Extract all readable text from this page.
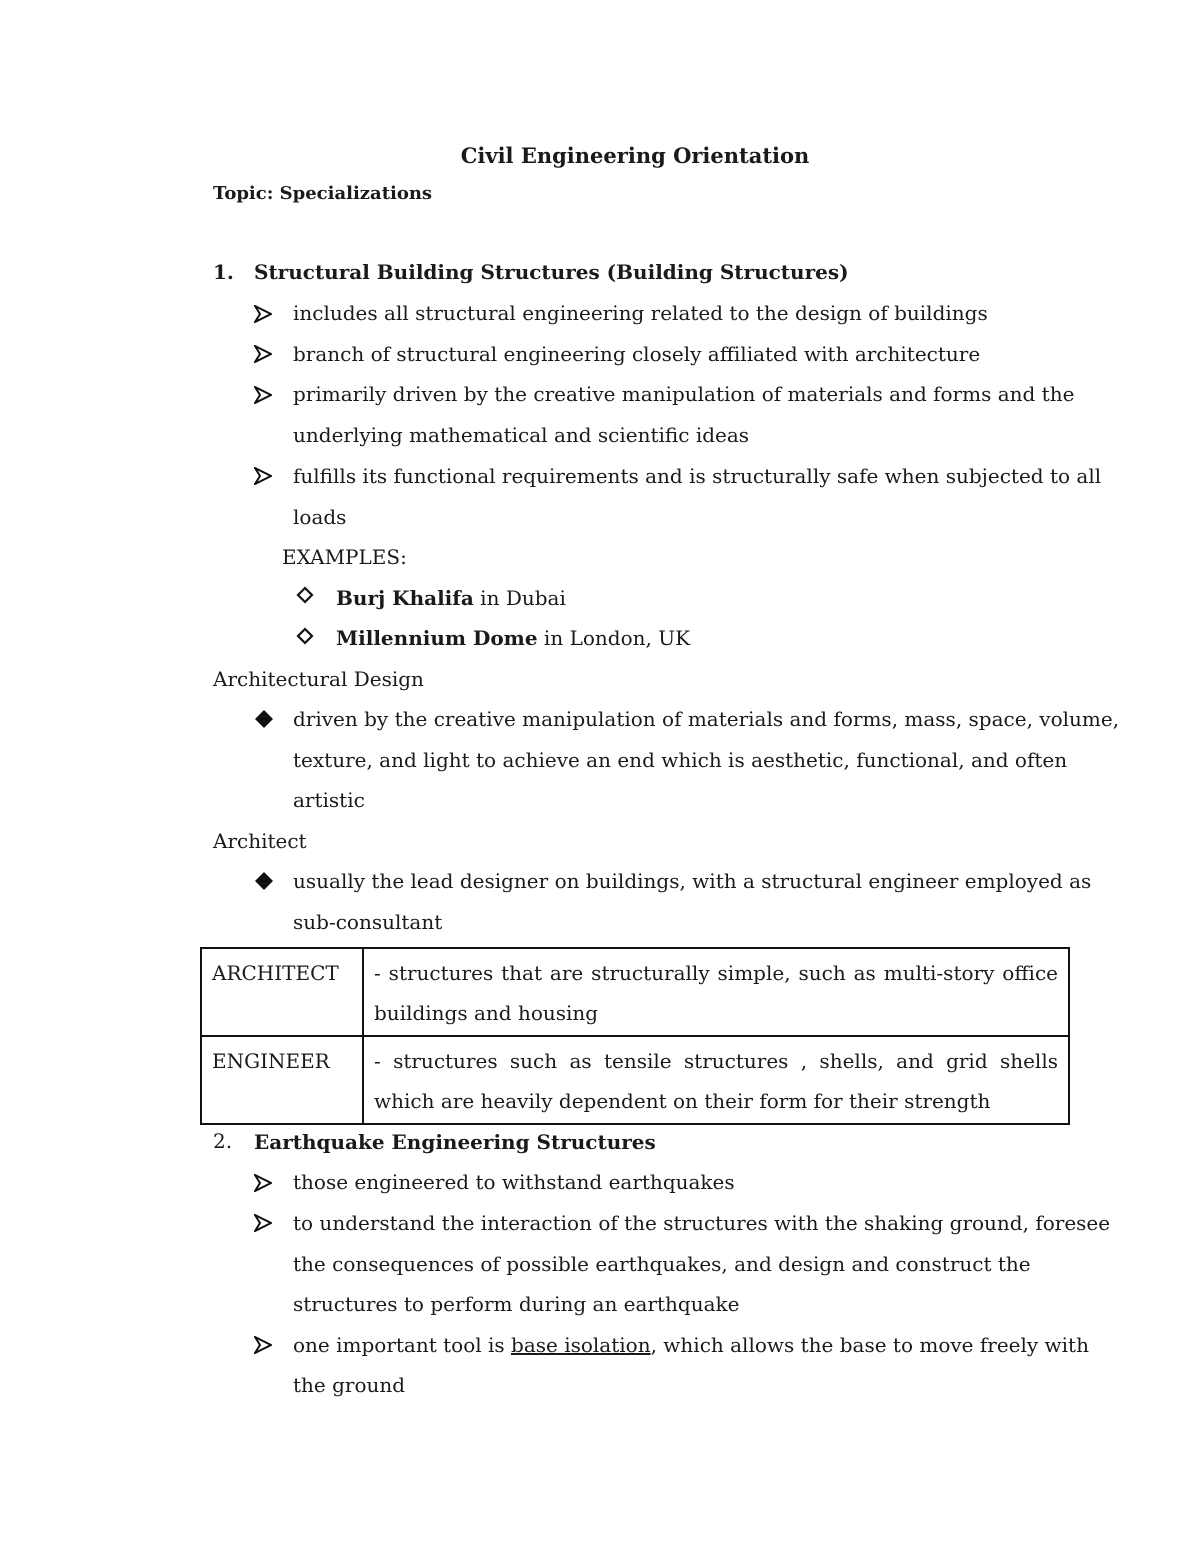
Civil Engineering Orientation
Topic: Specializations
1. Structural Building Structures (Building Structures)
includes all structural engineering related to the design of buildings
branch of structural engineering closely affiliated with architecture
primarily driven by the creative manipulation of materials and forms and the
underlying mathematical and scientific ideas
fulfills its functional requirements and is structurally safe when subjected to all
loads
EXAMPLES:
Burj Khalifa in Dubai
Millennium Dome in London, UK
Architectural Design
driven by the creative manipulation of materials and forms, mass, space, volume,
texture, and light to achieve an end which is aesthetic, functional, and often
artistic
Architect
usually the lead designer on buildings, with a structural engineer employed as
sub-consultant
ARCHITECT	- structures that are structurally simple, such as multi-story office buildings and housing
ENGINEER	- structures such as tensile structures , shells, and grid shells which are heavily dependent on their form for their strength
2. Earthquake Engineering Structures
those engineered to withstand earthquakes
to understand the interaction of the structures with the shaking ground, foresee
the consequences of possible earthquakes, and design and construct the
structures to perform during an earthquake
one important tool is base isolation, which allows the base to move freely with
the ground
